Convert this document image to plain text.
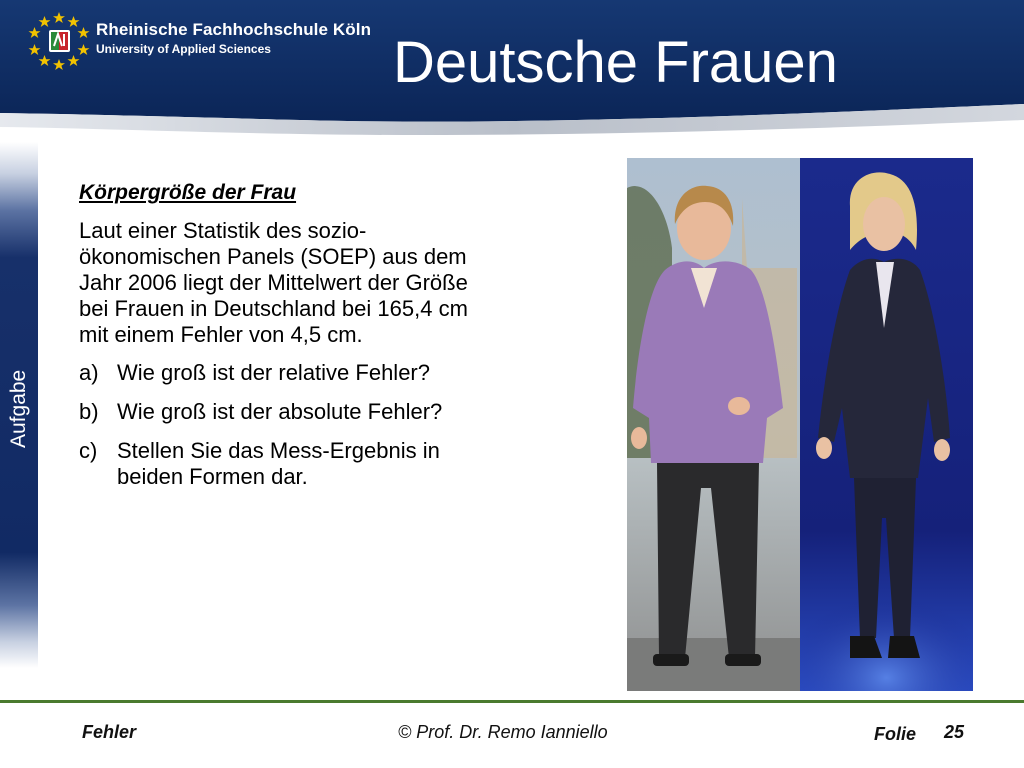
Rheinische Fachhochschule Köln
University of Applied Sciences Deutsche Frauen
Körpergröße der Frau

Laut einer Statistik des sozio-
ökonomischen Panels (SOEP) aus dem
Jahr 2006 liegt der Mittelwert der Größe
bei Frauen in Deutschland bei 165,4 cm
mit einem Fehler von 4,5 cm.

a) Wie groß ist der relative Fehler?
b) Wie groß ist der absolute Fehler?
c) Stellen Sie das Mess-Ergebnis in
beiden Formen dar.
Fehler	© Prof. Dr. Remo Ianniello	Folie 25
